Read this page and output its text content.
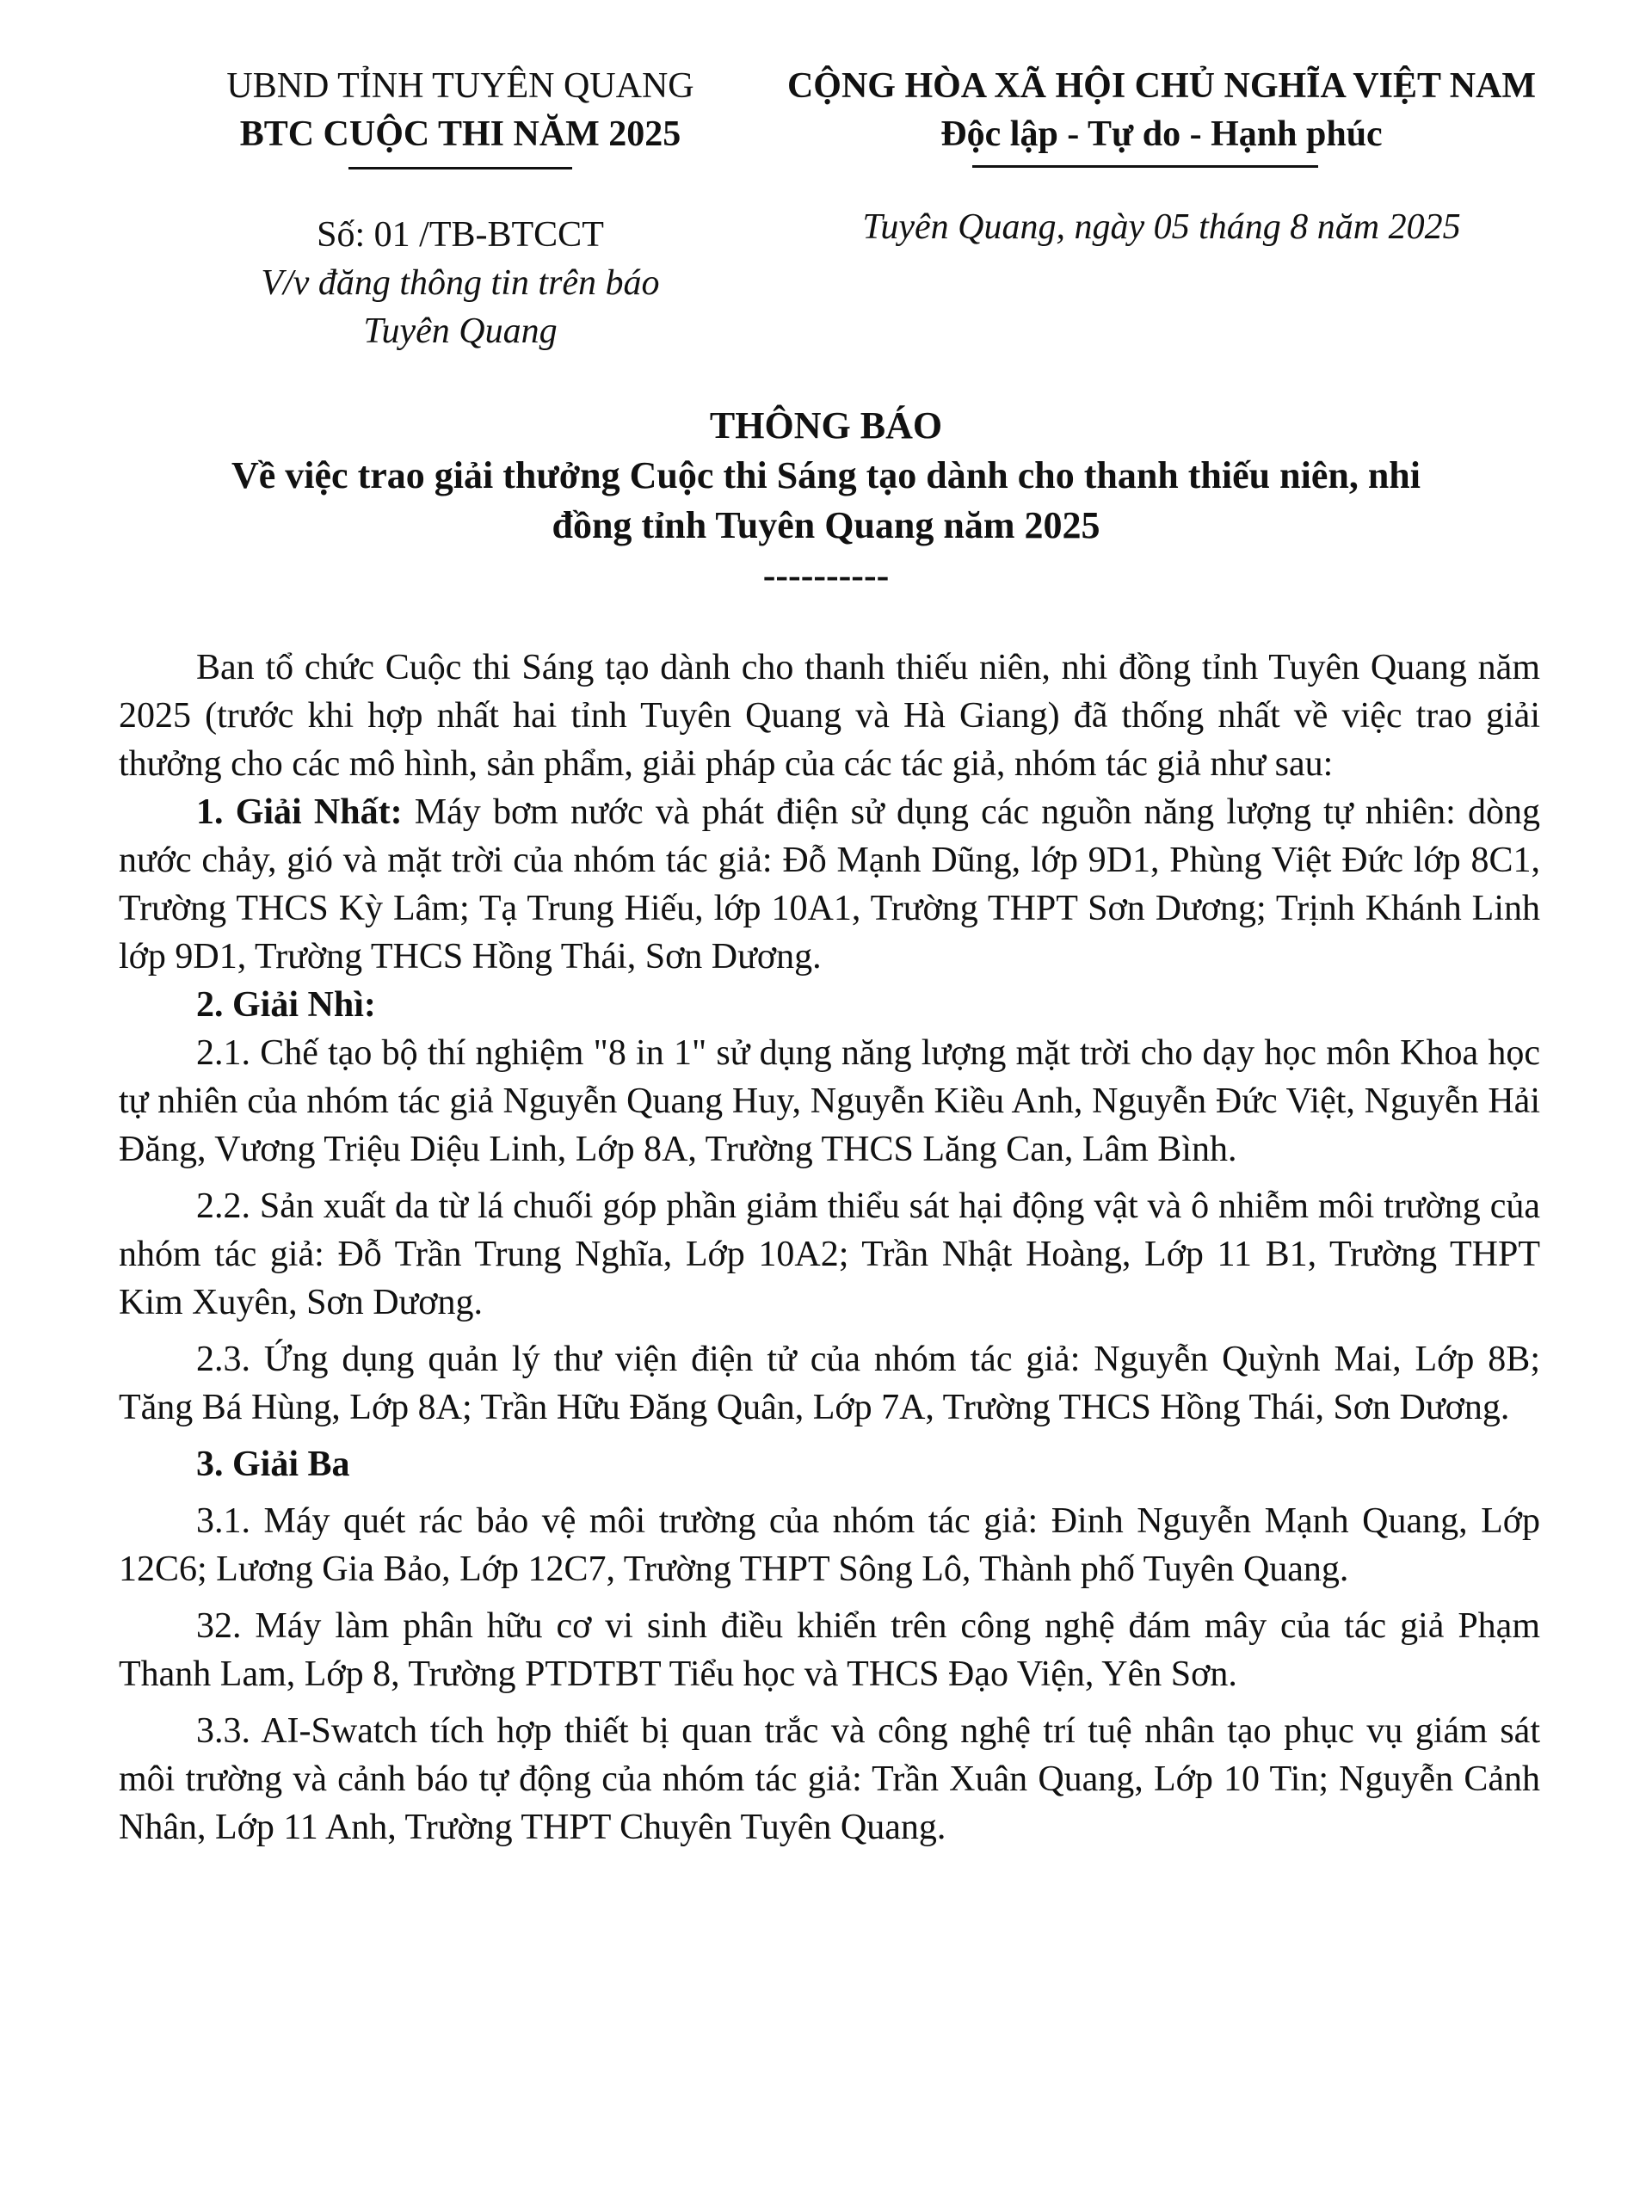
UBND TỈNH TUYÊN QUANG
BTC CUỘC THI NĂM 2025
Số: 01 /TB-BTCCT
V/v đăng thông tin trên báo
Tuyên Quang
CỘNG HÒA XÃ HỘI CHỦ NGHĨA VIỆT NAM
Độc lập - Tự do - Hạnh phúc
Tuyên Quang, ngày 05 tháng 8 năm 2025
THÔNG BÁO
Về việc trao giải thưởng Cuộc thi Sáng tạo dành cho thanh thiếu niên, nhi
đồng tỉnh Tuyên Quang năm 2025
----------

Ban tổ chức Cuộc thi Sáng tạo dành cho thanh thiếu niên, nhi đồng tỉnh Tuyên Quang năm 2025 (trước khi hợp nhất hai tỉnh Tuyên Quang và Hà Giang) đã thống nhất về việc trao giải thưởng cho các mô hình, sản phẩm, giải pháp của các tác giả, nhóm tác giả như sau:

1. Giải Nhất: Máy bơm nước và phát điện sử dụng các nguồn năng lượng tự nhiên: dòng nước chảy, gió và mặt trời của nhóm tác giả: Đỗ Mạnh Dũng, lớp 9D1, Phùng Việt Đức lớp 8C1, Trường THCS Kỳ Lâm; Tạ Trung Hiếu, lớp 10A1, Trường THPT Sơn Dương; Trịnh Khánh Linh lớp 9D1, Trường THCS Hồng Thái, Sơn Dương.

2. Giải Nhì:

2.1. Chế tạo bộ thí nghiệm "8 in 1" sử dụng năng lượng mặt trời cho dạy học môn Khoa học tự nhiên của nhóm tác giả Nguyễn Quang Huy, Nguyễn Kiều Anh, Nguyễn Đức Việt, Nguyễn Hải Đăng, Vương Triệu Diệu Linh, Lớp 8A, Trường THCS Lăng Can, Lâm Bình.

2.2. Sản xuất da từ lá chuối góp phần giảm thiểu sát hại động vật và ô nhiễm môi trường của nhóm tác giả: Đỗ Trần Trung Nghĩa, Lớp 10A2; Trần Nhật Hoàng, Lớp 11 B1, Trường THPT Kim Xuyên, Sơn Dương.

2.3. Ứng dụng quản lý thư viện điện tử của nhóm tác giả: Nguyễn Quỳnh Mai, Lớp 8B; Tăng Bá Hùng, Lớp 8A; Trần Hữu Đăng Quân, Lớp 7A, Trường THCS Hồng Thái, Sơn Dương.

3. Giải Ba

3.1. Máy quét rác bảo vệ môi trường của nhóm tác giả: Đinh Nguyễn Mạnh Quang, Lớp 12C6; Lương Gia Bảo, Lớp 12C7, Trường THPT Sông Lô, Thành phố Tuyên Quang.

32. Máy làm phân hữu cơ vi sinh điều khiển trên công nghệ đám mây của tác giả Phạm Thanh Lam, Lớp 8, Trường PTDTBT Tiểu học và THCS Đạo Viện, Yên Sơn.

3.3. AI-Swatch tích hợp thiết bị quan trắc và công nghệ trí tuệ nhân tạo phục vụ giám sát môi trường và cảnh báo tự động của nhóm tác giả: Trần Xuân Quang, Lớp 10 Tin; Nguyễn Cảnh Nhân, Lớp 11 Anh, Trường THPT Chuyên Tuyên Quang.
